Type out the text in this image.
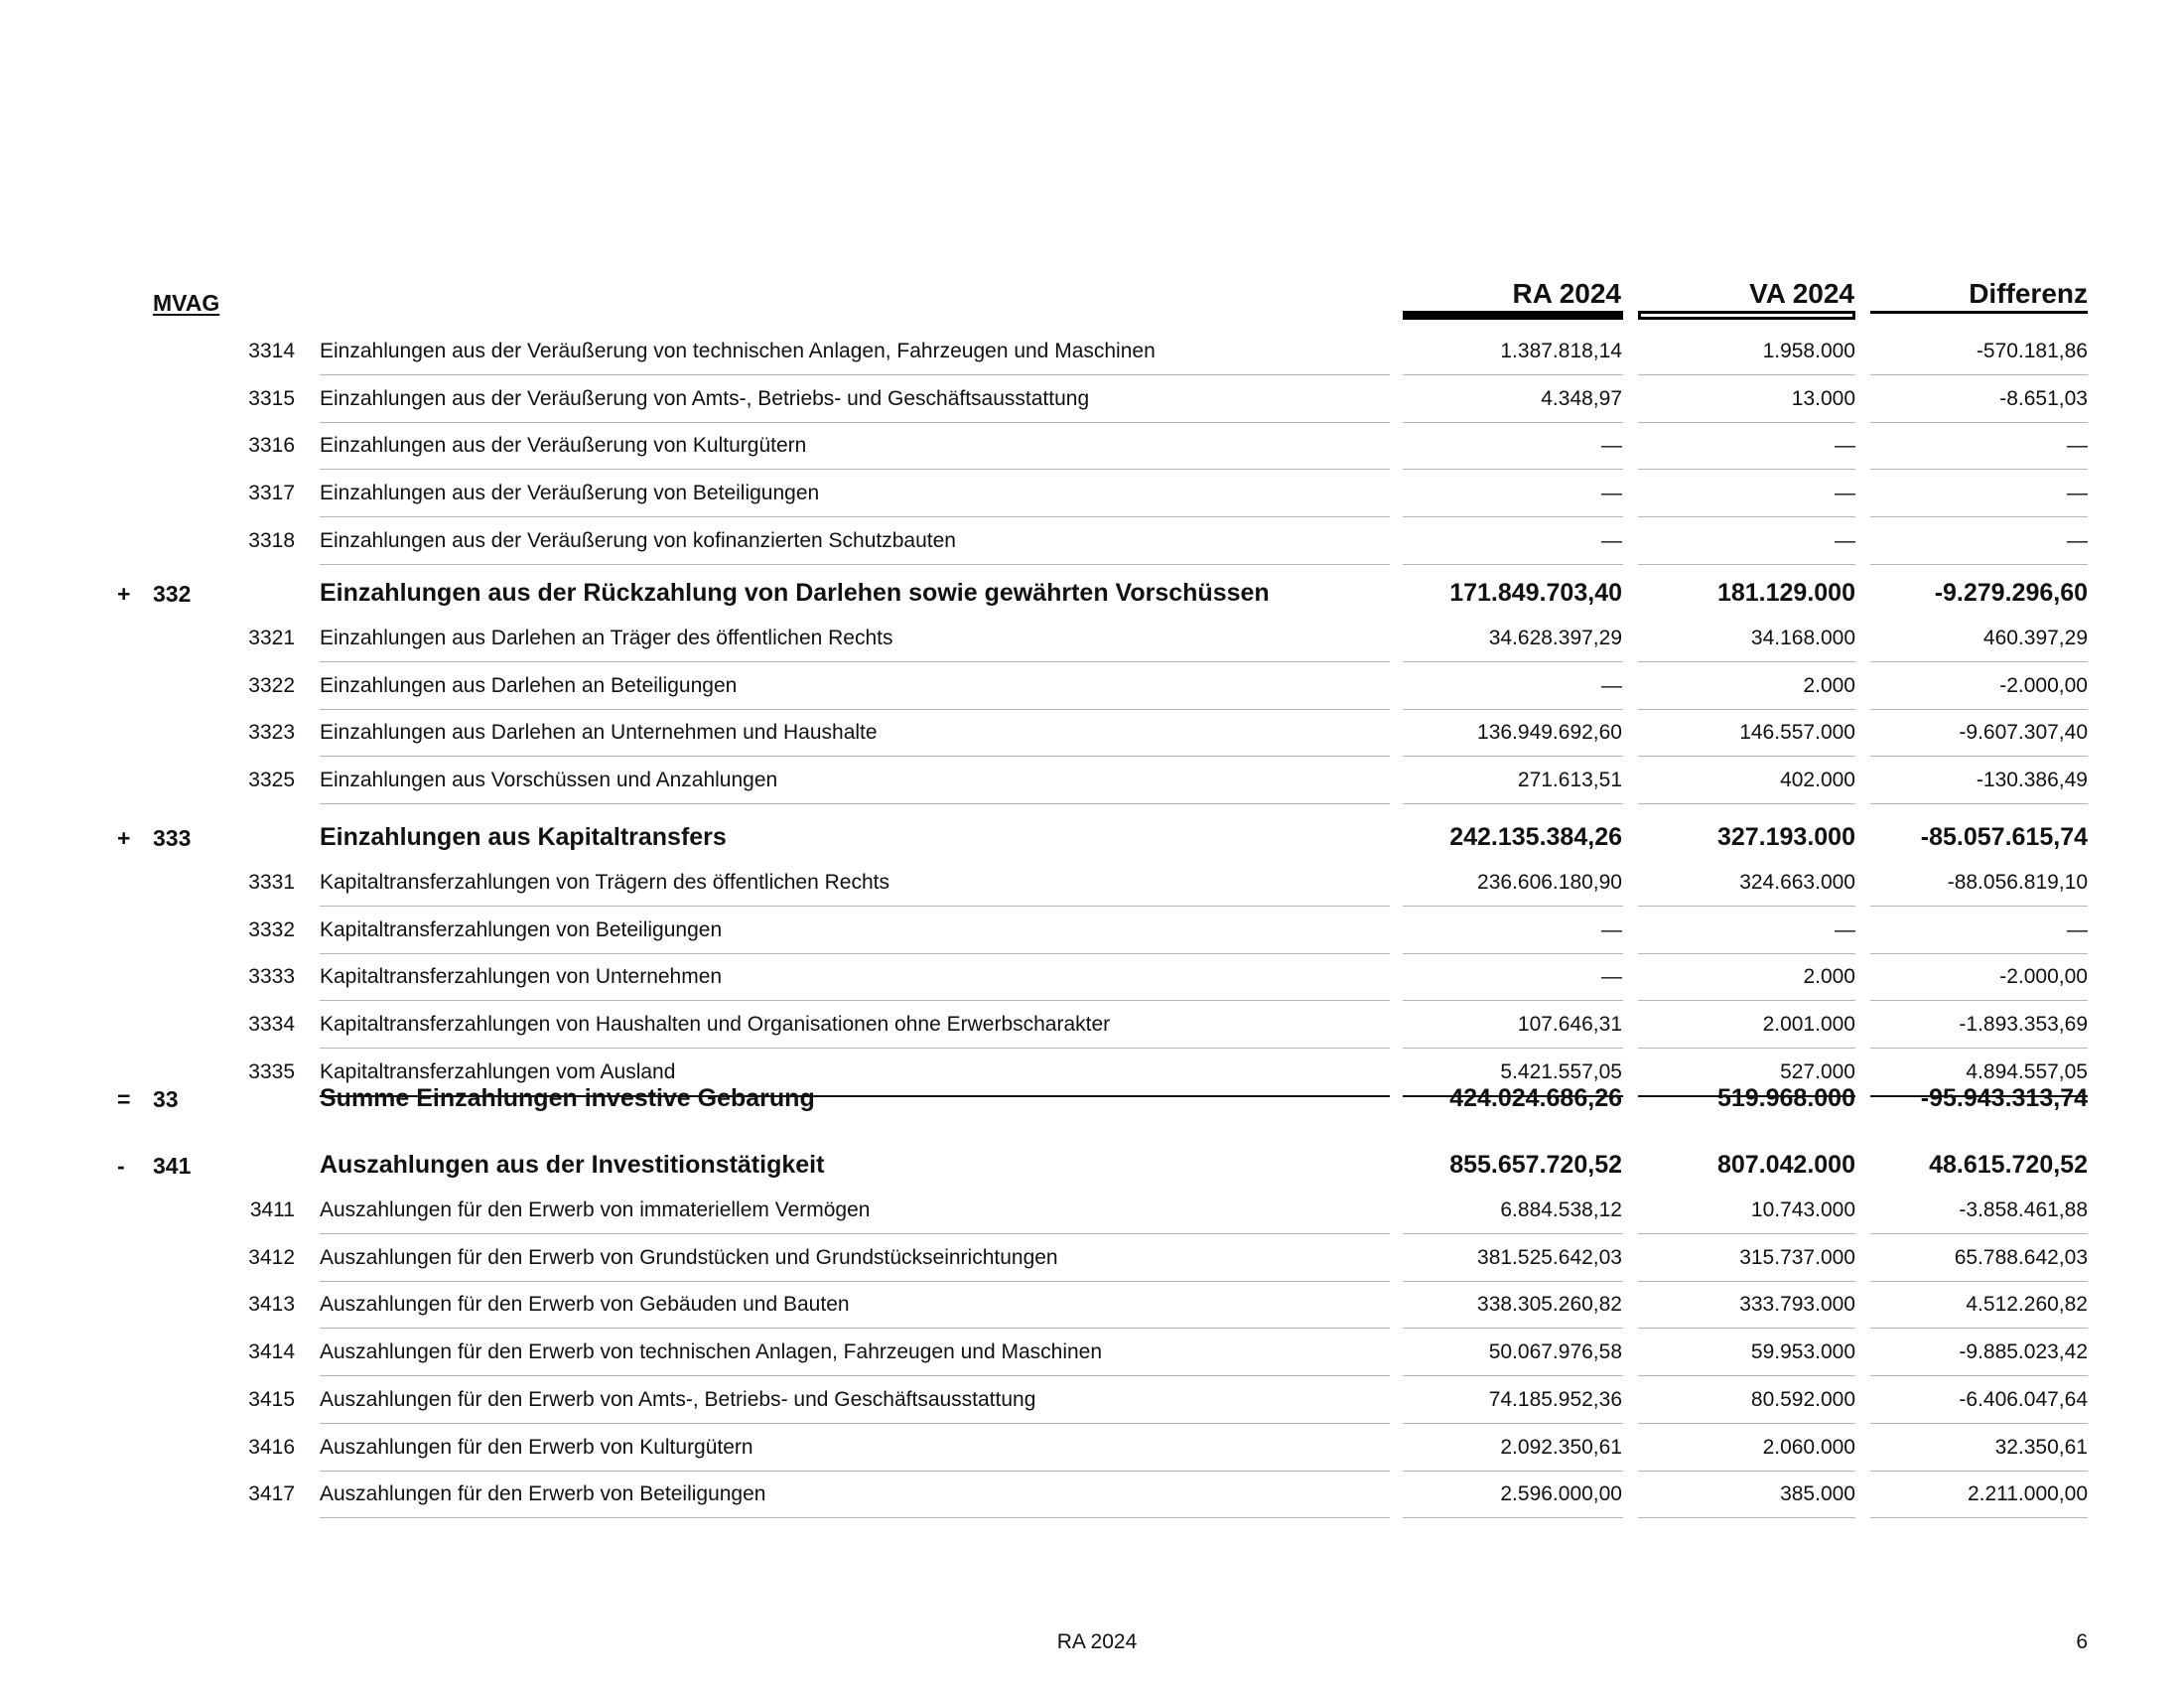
MVAG	RA 2024	VA 2024	Differenz
3314 Einzahlungen aus der Veräußerung von technischen Anlagen, Fahrzeugen und Maschinen	1.387.818,14	1.958.000	-570.181,86
3315 Einzahlungen aus der Veräußerung von Amts-, Betriebs- und Geschäftsausstattung	4.348,97	13.000	-8.651,03
3316 Einzahlungen aus der Veräußerung von Kulturgütern	—	—	—
3317 Einzahlungen aus der Veräußerung von Beteiligungen	—	—	—
3318 Einzahlungen aus der Veräußerung von kofinanzierten Schutzbauten	—	—	—
+ 332	Einzahlungen aus der Rückzahlung von Darlehen sowie gewährten Vorschüssen	171.849.703,40	181.129.000	-9.279.296,60
3321 Einzahlungen aus Darlehen an Träger des öffentlichen Rechts	34.628.397,29	34.168.000	460.397,29
3322 Einzahlungen aus Darlehen an Beteiligungen	—	2.000	-2.000,00
3323 Einzahlungen aus Darlehen an Unternehmen und Haushalte	136.949.692,60	146.557.000	-9.607.307,40
3325 Einzahlungen aus Vorschüssen und Anzahlungen	271.613,51	402.000	-130.386,49
+ 333	Einzahlungen aus Kapitaltransfers	242.135.384,26	327.193.000	-85.057.615,74
3331 Kapitaltransferzahlungen von Trägern des öffentlichen Rechts	236.606.180,90	324.663.000	-88.056.819,10
3332 Kapitaltransferzahlungen von Beteiligungen	—	—	—
3333 Kapitaltransferzahlungen von Unternehmen	—	2.000	-2.000,00
3334 Kapitaltransferzahlungen von Haushalten und Organisationen ohne Erwerbscharakter	107.646,31	2.001.000	-1.893.353,69
3335 Kapitaltransferzahlungen vom Ausland	5.421.557,05	527.000	4.894.557,05
= 33	Summe Einzahlungen investive Gebarung	424.024.686,26	519.968.000	-95.943.313,74
-	341	Auszahlungen aus der Investitionstätigkeit	855.657.720,52	807.042.000	48.615.720,52
3411 Auszahlungen für den Erwerb von immateriellem Vermögen	6.884.538,12	10.743.000	-3.858.461,88
3412 Auszahlungen für den Erwerb von Grundstücken und Grundstückseinrichtungen	381.525.642,03	315.737.000	65.788.642,03
3413 Auszahlungen für den Erwerb von Gebäuden und Bauten	338.305.260,82	333.793.000	4.512.260,82
3414 Auszahlungen für den Erwerb von technischen Anlagen, Fahrzeugen und Maschinen	50.067.976,58	59.953.000	-9.885.023,42
3415 Auszahlungen für den Erwerb von Amts-, Betriebs- und Geschäftsausstattung	74.185.952,36	80.592.000	-6.406.047,64
3416 Auszahlungen für den Erwerb von Kulturgütern	2.092.350,61	2.060.000	32.350,61
3417 Auszahlungen für den Erwerb von Beteiligungen	2.596.000,00	385.000	2.211.000,00
RA 2024	6
